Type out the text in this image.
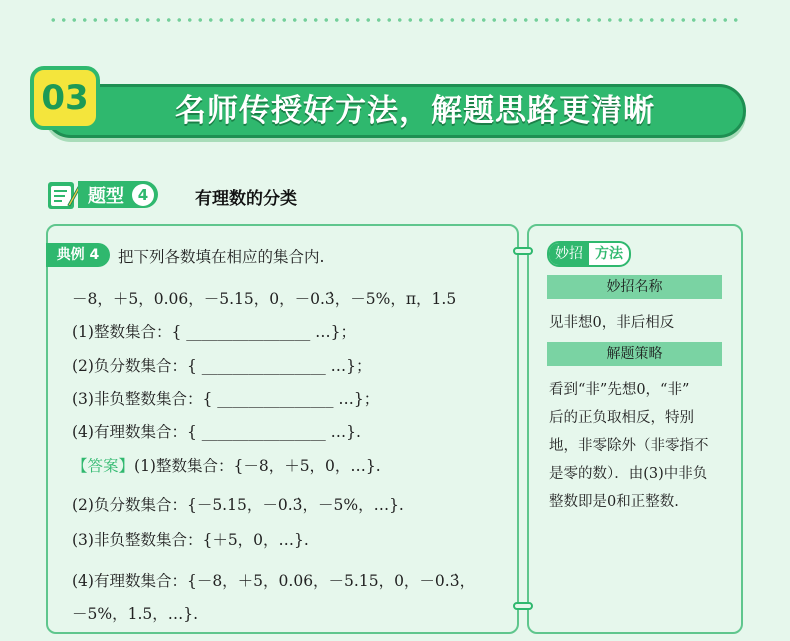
名师传授好方法，解题思路更清晰
03
题型 4	有理数的分类
典例 4	把下列各数填在相应的集合内.
－8，＋5，0.06，－5.15，0，－0.3̇，－5%，π，1.5
(1)整数集合：{ ________________ …}；
(2)负分数集合：{ ________________ …}；
(3)非负整数集合：{ _______________ …}；
(4)有理数集合：{ ________________ …}.
【答案】(1)整数集合：{－8，＋5，0，…}.
(2)负分数集合：{－5.15，－0.3̇，－5%，…}.
(3)非负整数集合：{＋5，0，…}.
(4)有理数集合：{－8，＋5，0.06，－5.15，0，－0.3̇，
－5%，1.5，…}.
妙招 方法
妙招名称
见非想0，非后相反
解题策略
看到“非”先想0，“非”
后的正负取相反，特别
地，非零除外（非零指不
是零的数）．由(3)中非负
整数即是0和正整数.
